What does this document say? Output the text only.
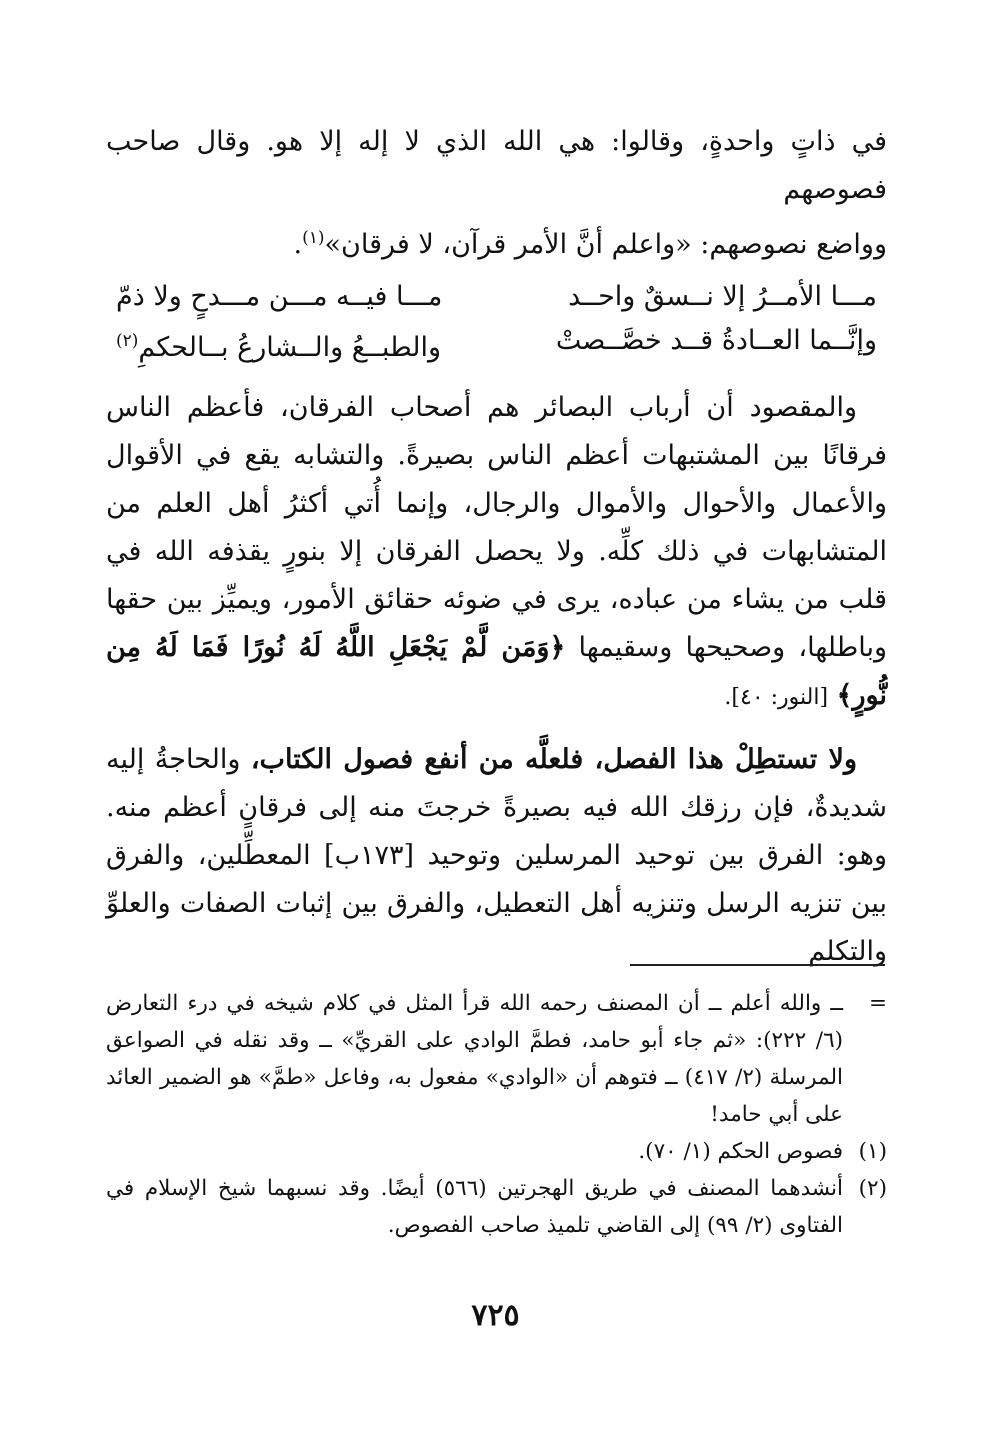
في ذاتٍ واحدةٍ، وقالوا: هي الله الذي لا إله إلا هو. وقال صاحب فصوصهم

وواضع نصوصهم: «واعلم أنَّ الأمر قرآن، لا فرقان»$^{(١)}$.

مـــا الأمــرُ إلا نــسقٌ واحــد
مـــا فيــه مـــن مـــدحٍ ولا ذمّ
وإنَّــما العــادةُ قــد خصَّــصتْ
والطبــعُ والــشارعُ بــالحكمِ$^{(٢)}$

والمقصود أن أرباب البصائر هم أصحاب الفرقان، فأعظم الناس فرقانًا بين المشتبهات أعظم الناس بصيرةً. والتشابه يقع في الأقوال والأعمال والأحوال والأموال والرجال، وإنما أُتي أكثرُ أهل العلم من المتشابهات في ذلك كلِّه. ولا يحصل الفرقان إلا بنورٍ يقذفه الله في قلب من يشاء من عباده، يرى في ضوئه حقائق الأمور، ويميِّز بين حقها وباطلها، وصحيحها وسقيمها ﴿وَمَن لَّمْ يَجْعَلِ اللَّهُ لَهُ نُورًا فَمَا لَهُ مِن نُّورٍ﴾ [النور: ٤٠].

ولا تستطِلْ هذا الفصل، فلعلَّه من أنفع فصول الكتاب، والحاجةُ إليه شديدةٌ، فإن رزقك الله فيه بصيرةً خرجتَ منه إلى فرقانٍ أعظم منه. وهو: الفرق بين توحيد المرسلين وتوحيد [١٧٣ب] المعطِّلين، والفرق بين تنزيه الرسل وتنزيه أهل التعطيل، والفرق بين إثبات الصفات والعلوِّ والتكلم

=
ــ والله أعلم ــ أن المصنف رحمه الله قرأ المثل في كلام شيخه في درء التعارض (٦/ ٢٢٢): «ثم جاء أبو حامد، فطمَّ الوادي على القريِّ» ــ وقد نقله في الصواعق المرسلة (٢/ ٤١٧) ــ فتوهم أن «الوادي» مفعول به، وفاعل «طمَّ» هو الضمير العائد على أبي حامد!
(١)
فصوص الحكم (١/ ٧٠).
(٢)
أنشدهما المصنف في طريق الهجرتين (٥٦٦) أيضًا. وقد نسبهما شيخ الإسلام في الفتاوى (٢/ ٩٩) إلى القاضي تلميذ صاحب الفصوص.
٧٢٥
